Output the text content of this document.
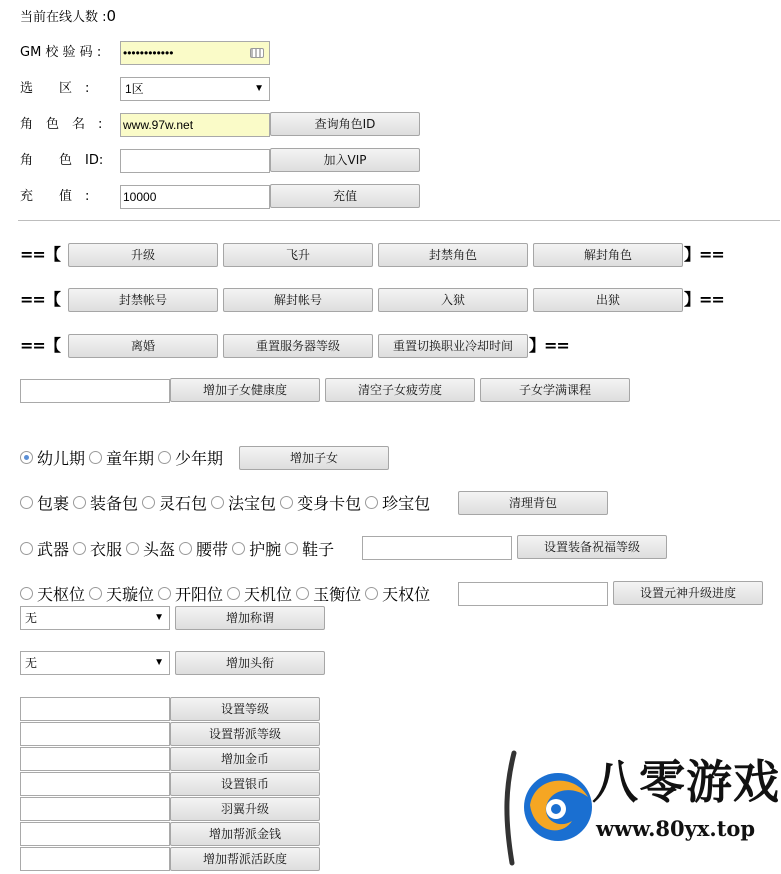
当前在线人数 :0
GM 校 验 码 : ••••••••••••
选　　区　:	1区	▼
角　色　名　: www.97w.net	查询角色ID
角　　色　ID:	加入VIP
充　　值　:	10000	充值
==【	升级	飞升	封禁角色	解封角色	】==
==【	封禁帐号	解封帐号	入狱	出狱	】==
==【	离婚	重置服务器等级	重置切换职业冷却时间	】==
增加子女健康度	清空子女疲劳度	子女学满课程
幼儿期 童年期 少年期	增加子女
包裹 装备包 灵石包 法宝包 变身卡包 珍宝包	清理背包
武器 衣服 头盔 腰带 护腕 鞋子	设置装备祝福等级
天枢位 天璇位 开阳位 天机位 玉衡位 天权位	设置元神升级进度
无	▼	增加称谓
无	▼	增加头衔
设置等级
设置帮派等级
增加金币
设置银币
羽翼升级
增加帮派金钱
增加帮派活跃度
八零游戏
www.80yx.top
